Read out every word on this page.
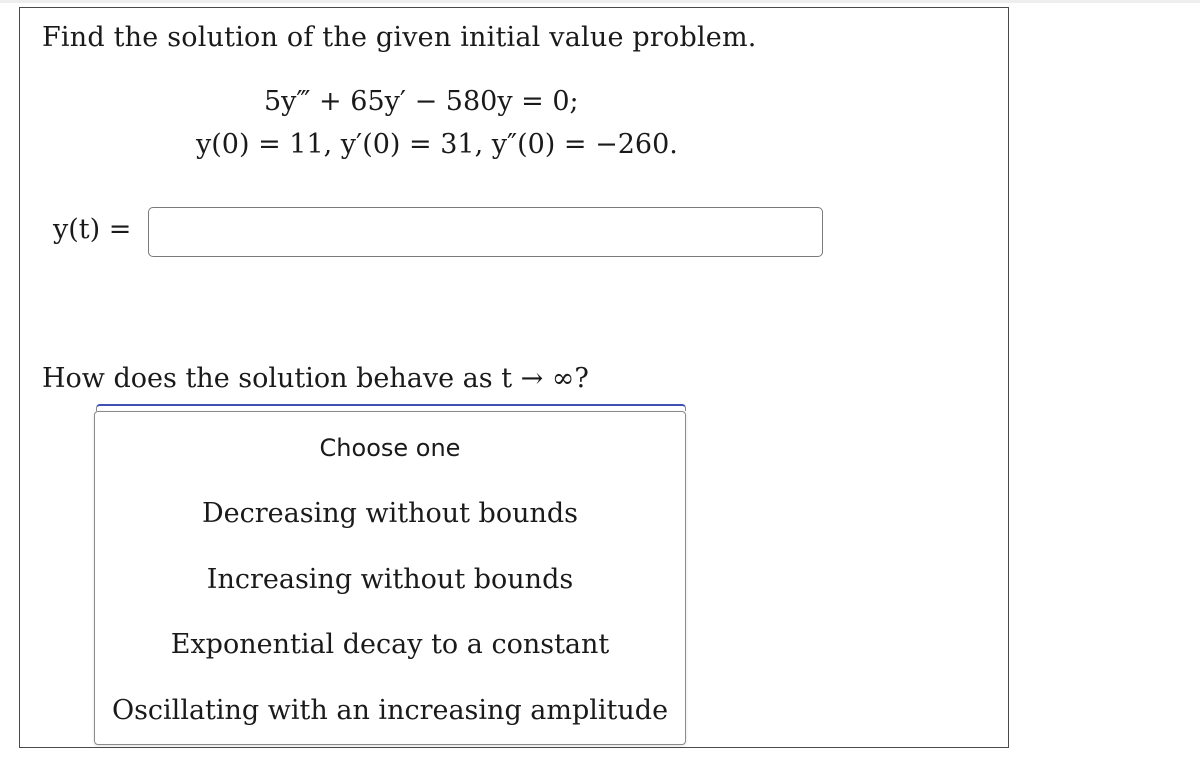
Find the solution of the given initial value problem.
5y‴ + 65y′ − 580y = 0;
y(0) = 11, y′(0) = 31, y″(0) = −260.
y(t) =
How does the solution behave as t → ∞?
Choose one
Decreasing without bounds
Increasing without bounds
Exponential decay to a constant
Oscillating with an increasing amplitude
